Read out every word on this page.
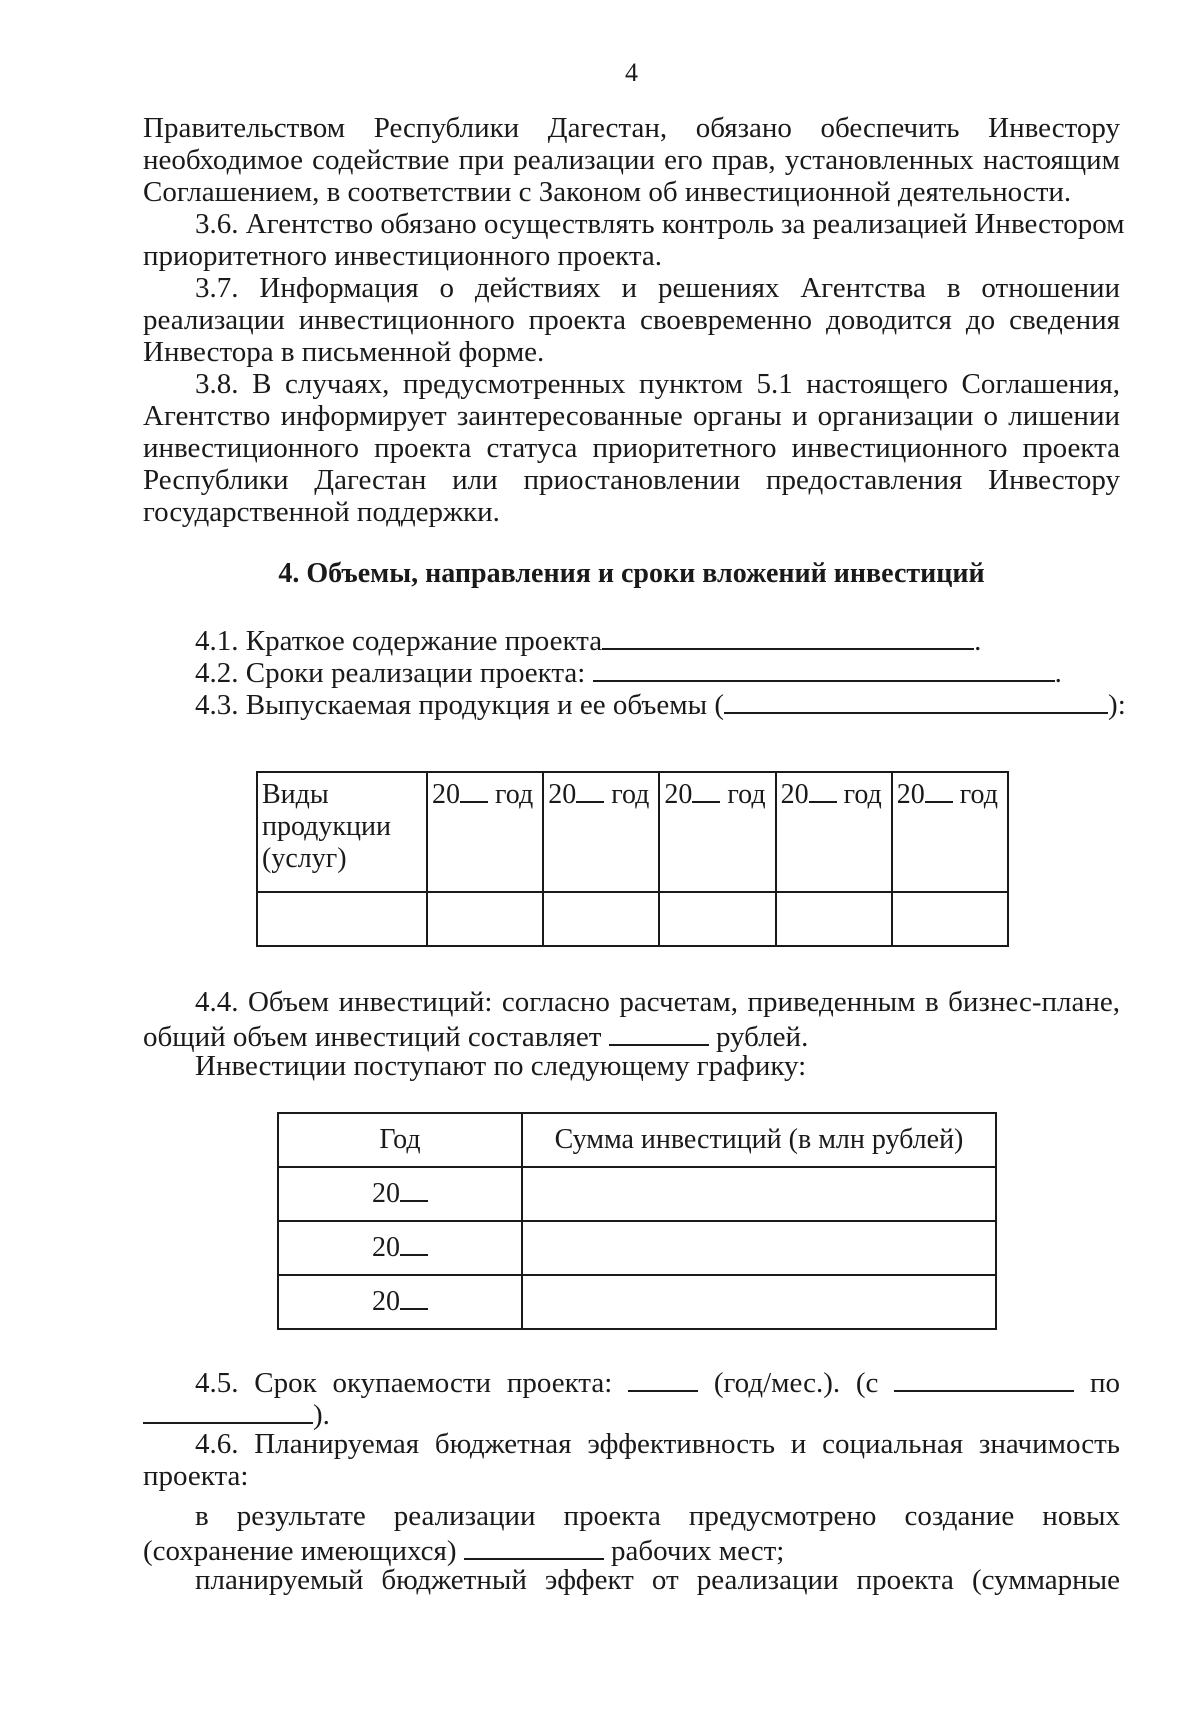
4
Правительством Республики Дагестан, обязано обеспечить Инвестору
необходимое содействие при реализации его прав, установленных настоящим
Соглашением, в соответствии с Законом об инвестиционной деятельности.
3.6. Агентство обязано осуществлять контроль за реализацией Инвестором
приоритетного инвестиционного проекта.
3.7. Информация о действиях и решениях Агентства в отношении
реализации инвестиционного проекта своевременно доводится до сведения
Инвестора в письменной форме.
3.8. В случаях, предусмотренных пунктом 5.1 настоящего Соглашения,
Агентство информирует заинтересованные органы и организации о лишении
инвестиционного проекта статуса приоритетного инвестиционного проекта
Республики Дагестан или приостановлении предоставления Инвестору
государственной поддержки.
4. Объемы, направления и сроки вложений инвестиций
4.1. Краткое содержание проекта	.
4.2. Сроки реализации проекта:	.
4.3. Выпускаемая продукция и ее объемы (	):
Виды
продукции
(услуг)	20 год	20 год	20 год	20 год	20 год

4.4. Объем инвестиций: согласно расчетам, приведенным в бизнес-плане,
общий объем инвестиций составляет	рублей.
Инвестиции поступают по следующему графику:
Год	Сумма инвестиций (в млн рублей)
20	
20	
20	
4.5. Срок окупаемости проекта:	(год/мес.). (с	по
).
4.6. Планируемая бюджетная эффективность и социальная значимость
проекта:
в результате реализации проекта предусмотрено создание новых
(сохранение имеющихся)	рабочих мест;
планируемый бюджетный эффект от реализации проекта (суммарные
